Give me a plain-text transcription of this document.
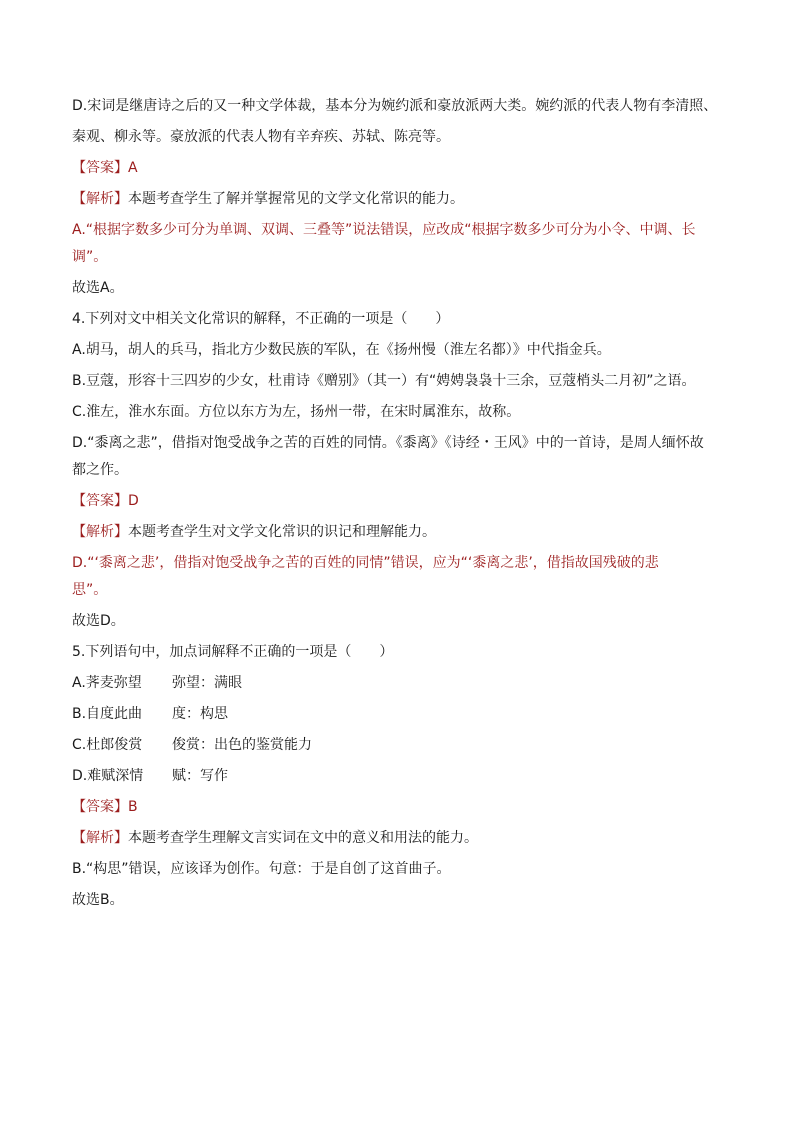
D.宋词是继唐诗之后的又一种文学体裁，基本分为婉约派和豪放派两大类。婉约派的代表人物有李清照、
秦观、柳永等。豪放派的代表人物有辛弃疾、苏轼、陈亮等。
【答案】A
【解析】本题考查学生了解并掌握常见的文学文化常识的能力。
A.“根据字数多少可分为单调、双调、三叠等”说法错误，应改成“根据字数多少可分为小令、中调、长
调”。
故选A。
4.下列对文中相关文化常识的解释，不正确的一项是（　　）
A.胡马，胡人的兵马，指北方少数民族的军队，在《扬州慢（淮左名都）》中代指金兵。
B.豆蔻，形容十三四岁的少女，杜甫诗《赠别》（其一）有“娉娉袅袅十三余，豆蔻梢头二月初”之语。
C.淮左，淮水东面。方位以东方为左，扬州一带，在宋时属淮东，故称。
D.“黍离之悲”，借指对饱受战争之苦的百姓的同情。《黍离》《诗经・王风》中的一首诗，是周人缅怀故
都之作。
【答案】D
【解析】本题考查学生对文学文化常识的识记和理解能力。
D.“‘黍离之悲’，借指对饱受战争之苦的百姓的同情”错误，应为“‘黍离之悲’，借指故国残破的悲
思”。
故选D。
5.下列语句中，加点词解释不正确的一项是（　　）
A.荠麦弥望 弥望：满眼
B.自度此曲 度：构思
C.杜郎俊赏 俊赏：出色的鉴赏能力
D.难赋深情 赋：写作
【答案】B
【解析】本题考查学生理解文言实词在文中的意义和用法的能力。
B.“构思”错误，应该译为创作。句意：于是自创了这首曲子。
故选B。
